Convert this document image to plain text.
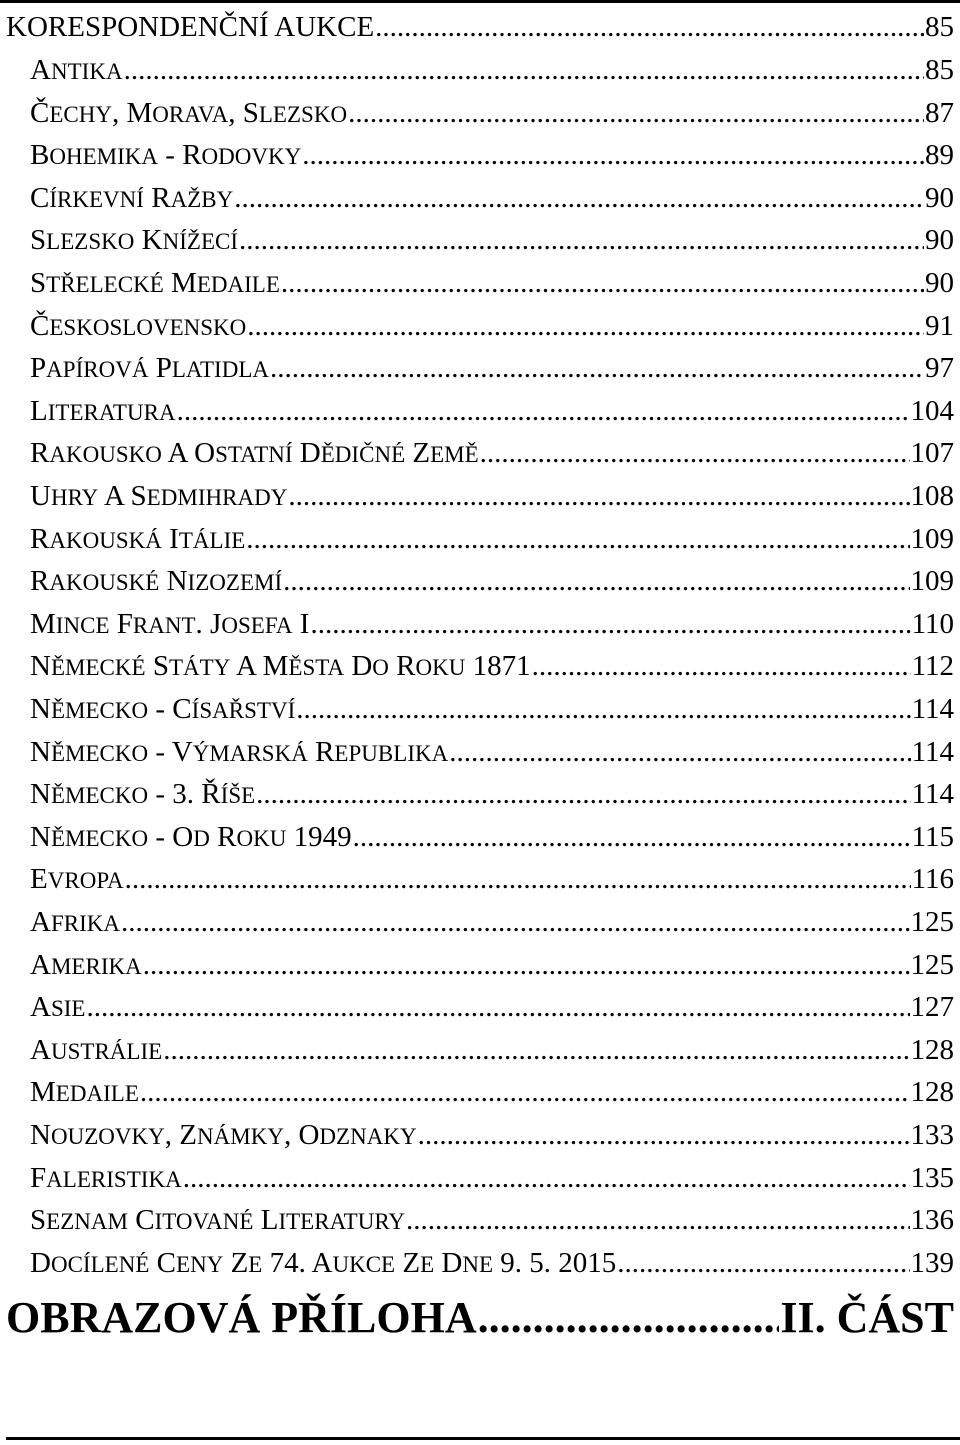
KORESPONDENČNÍ AUKCE .....	85
ANTIKA .....	85
ČECHY, MORAVA, SLEZSKO .....	87
BOHEMIKA - RODOVKY .....	89
CÍRKEVNÍ RAŽBY .....	90
SLEZSKO KNÍŽECÍ .....	90
STŘELECKÉ MEDAILE .....	90
ČESKOSLOVENSKO .....	91
PAPÍROVÁ PLATIDLA .....	97
LITERATURA .....	104
RAKOUSKO A OSTATNÍ DĚDIČNÉ ZEMĚ .....	107
UHRY A SEDMIHRADY .....	108
RAKOUSKÁ ITÁLIE .....	109
RAKOUSKÉ NIZOZEMÍ .....	109
MINCE FRANT. JOSEFA I .....	110
NĚMECKÉ STÁTY A MĚSTA DO ROKU 1871 .....	112
NĚMECKO - CÍSAŘSTVÍ .....	114
NĚMECKO - VÝMARSKÁ REPUBLIKA .....	114
NĚMECKO - 3. ŘÍŠE .....	114
NĚMECKO - OD ROKU 1949 .....	115
EVROPA .....	116
AFRIKA .....	125
AMERIKA .....	125
ASIE .....	127
AUSTRÁLIE .....	128
MEDAILE .....	128
NOUZOVKY, ZNÁMKY, ODZNAKY .....	133
FALERISTIKA .....	135
SEZNAM CITOVANÉ LITERATURY .....	136
DOCÍLENÉ CENY ZE 74. AUKCE ZE DNE 9. 5. 2015 .....	139
OBRAZOVÁ PŘÍLOHA .....	II. ČÁST
